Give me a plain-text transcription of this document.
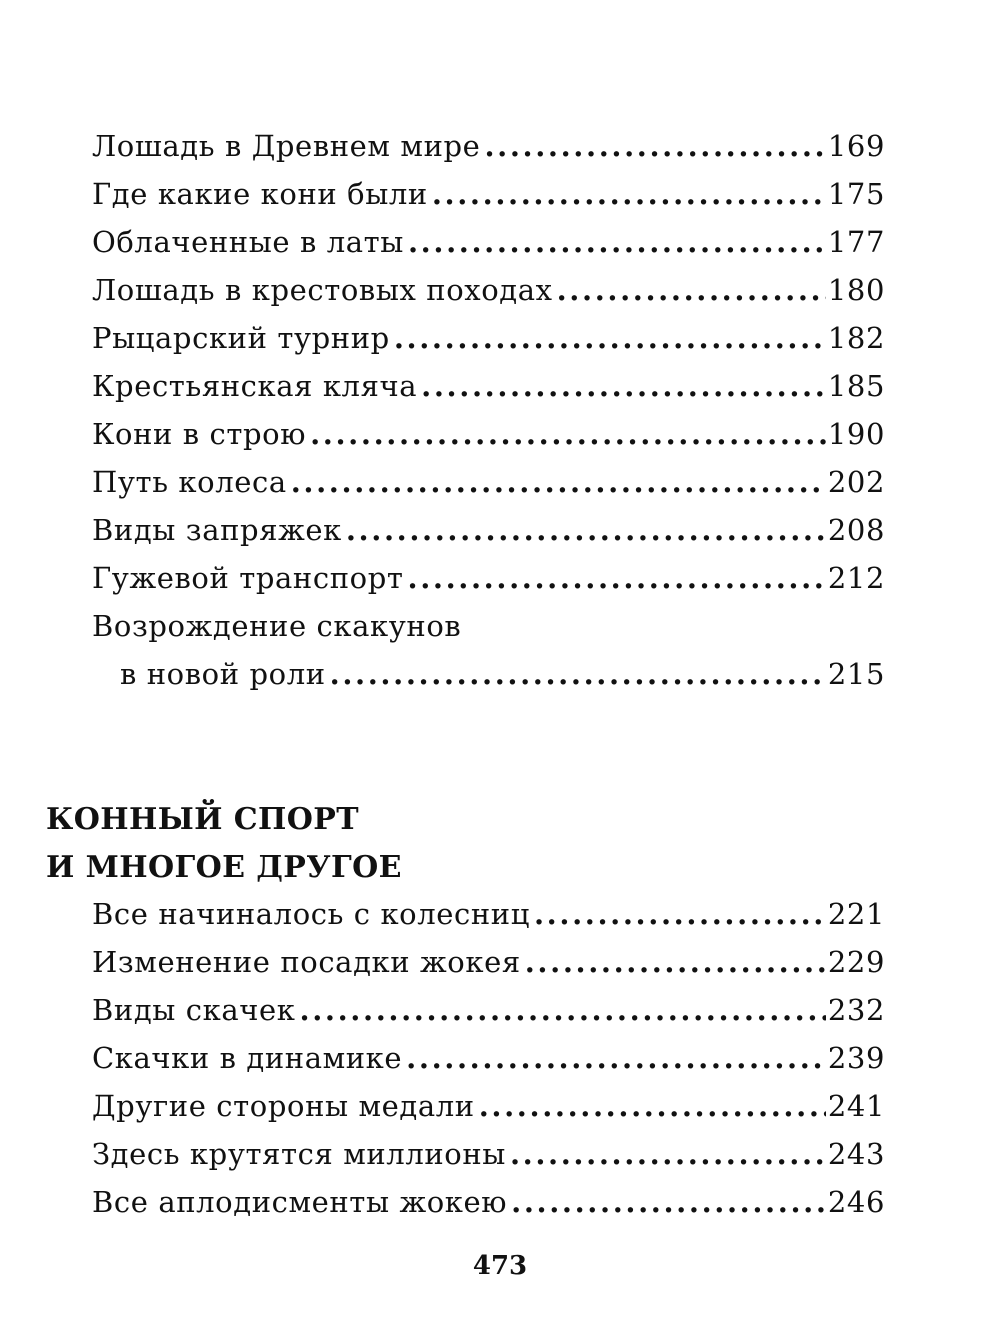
Лошадь в Древнем мире .....	169
Где какие кони были .....	175
Облаченные в латы .....	177
Лошадь в крестовых походах .....	180
Рыцарский турнир .....	182
Крестьянская кляча .....	185
Кони в строю .....	190
Путь колеса .....	202
Виды запряжек .....	208
Гужевой транспорт .....	212
Возрождение скакунов
в новой роли .....	215
КОННЫЙ СПОРТ
И МНОГОЕ ДРУГОЕ
Все начиналось с колесниц .....	221
Изменение посадки жокея .....	229
Виды скачек .....	232
Скачки в динамике .....	239
Другие стороны медали .....	241
Здесь крутятся миллионы .....	243
Все аплодисменты жокею .....	246
473
